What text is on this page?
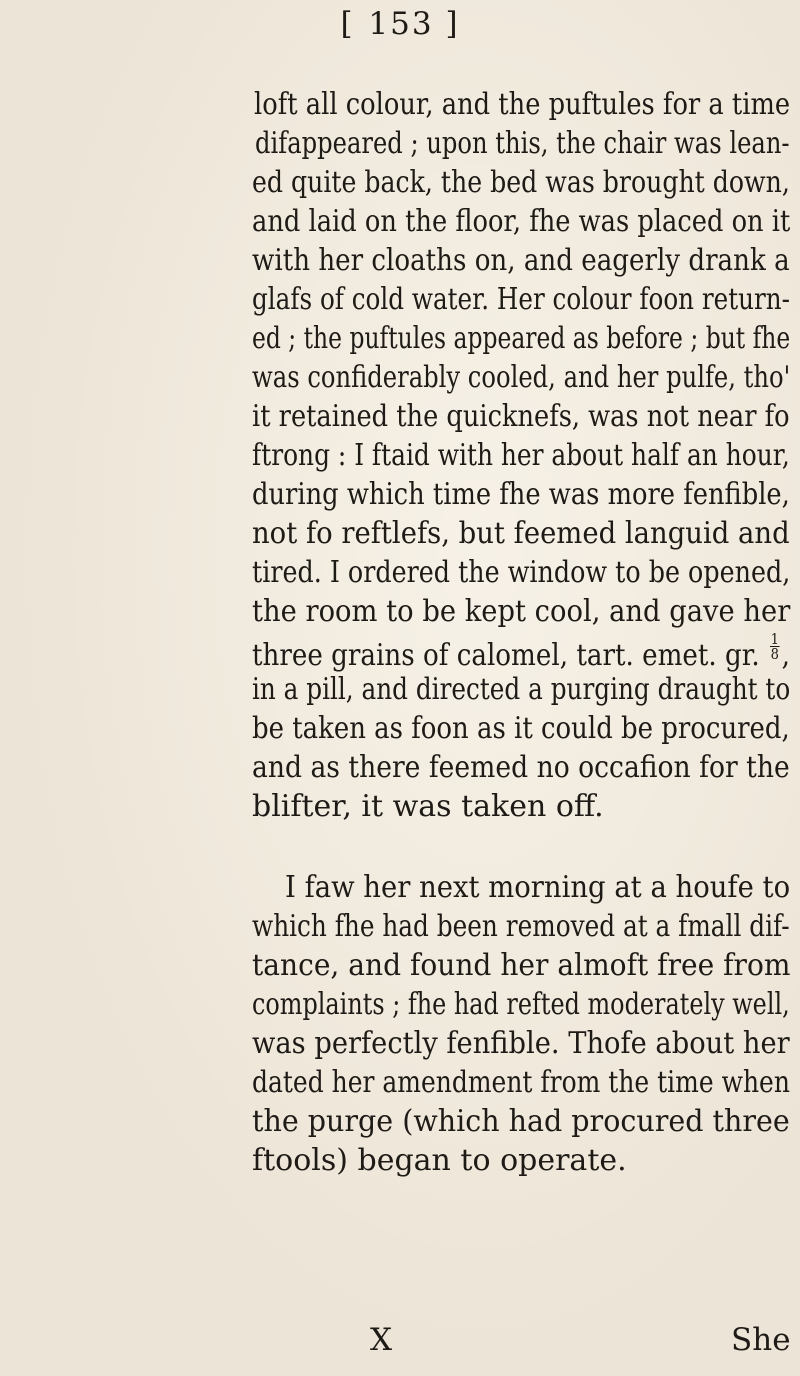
[ 153 ]
loft all colour, and the puftules for a time
difappeared ; upon this, the chair was lean-
ed quite back, the bed was brought down,
and laid on the floor, fhe was placed on it
with her cloaths on, and eagerly drank a
glafs of cold water. Her colour foon return-
ed ; the puftules appeared as before ; but fhe
was confiderably cooled, and her pulfe, tho'
it retained the quicknefs, was not near fo
ftrong : I ftaid with her about half an hour,
during which time fhe was more fenfible,
not fo reftlefs, but feemed languid and
tired. I ordered the window to be opened,
the room to be kept cool, and gave her
three grains of calomel, tart. emet. gr. $\frac{1}{8}$ ,
in a pill, and directed a purging draught to
be taken as foon as it could be procured,
and as there feemed no occafion for the
blifter, it was taken off.
I faw her next morning at a houfe to
which fhe had been removed at a fmall dif-
tance, and found her almoft free from
complaints ; fhe had refted moderately well,
was perfectly fenfible. Thofe about her
dated her amendment from the time when
the purge (which had procured three
ftools) began to operate.
X	She
